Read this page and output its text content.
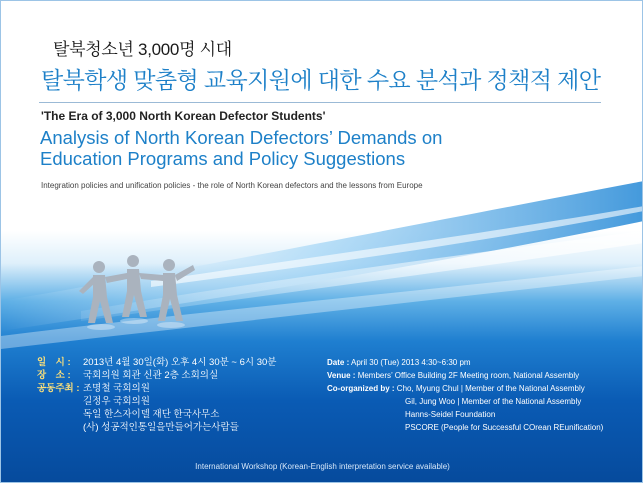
탈북청소년 3,000명 시대
탈북학생 맞춤형 교육지원에 대한 수요 분석과 정책적 제안
'The Era of 3,000 North Korean Defector Students'
Analysis of North Korean Defectors’ Demands on
Education Programs and Policy Suggestions
Integration policies and unification policies - the role of North Korean defectors and the lessons from Europe
일　시 : 2013년 4월 30일(화) 오후 4시 30분 ~ 6시 30분
장　소 : 국회의원 회관 신관 2층 소회의실
공동주최 : 조명철 국회의원
길정우 국회의원
독일 한스자이델 재단 한국사무소
(사) 성공적인통일을만들어가는사람들
Date : April 30 (Tue) 2013 4:30~6:30 pm
Venue : Members’ Office Building 2F Meeting room, National Assembly
Co-organized by : Cho, Myung Chul | Member of the National Assembly
Gil, Jung Woo | Member of the National Assembly
Hanns-Seidel Foundation
PSCORE (People for Successful COrean REunification)
International Workshop (Korean-English interpretation service available)
